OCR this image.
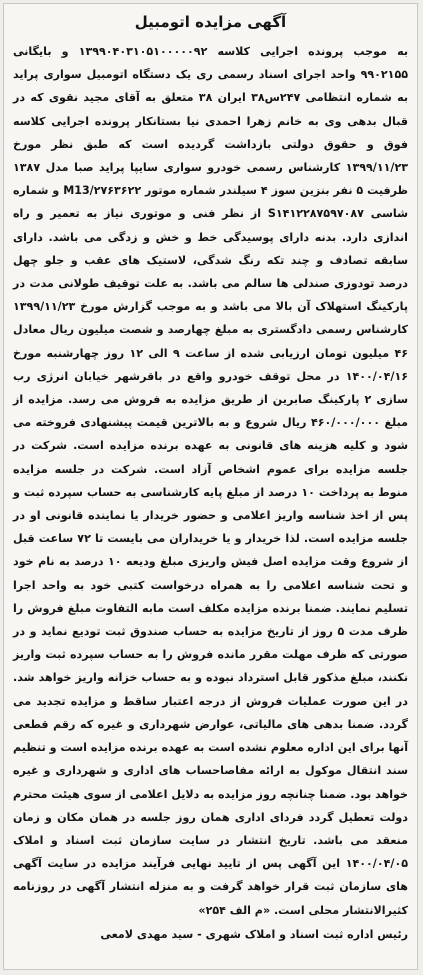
آگهی مزایده اتومبیل

به موجب پرونده اجرایی کلاسه ۱۳۹۹۰۴۰۳۱۰۵۱۰۰۰۰۰۹۲ و بایگانی ۹۹۰۲۱۵۵ واحد اجرای اسناد رسمی ری یک دستگاه اتومبیل سواری پراید به شماره انتظامی ۲۴۷س۳۸ ایران ۳۸ متعلق به آقای مجید نقوی که در قبال بدهی وی به خانم زهرا احمدی نیا بستانکار پرونده اجرایی کلاسه فوق و حقوق دولتی بازداشت گردیده است که طبق نظر مورخ ۱۳۹۹/۱۱/۲۳ کارشناس رسمی خودرو سواری سایپا پراید صبا مدل ۱۳۸۷ ظرفیت ۵ نفر بنزین سوز ۴ سیلندر شماره موتور M13/۲۷۶۳۶۲۲ و شماره شاسی S۱۴۱۲۲۸۷۵۹۷۰۸۷ از نظر فنی و موتوری نیاز به تعمیر و راه اندازی دارد. بدنه دارای پوسیدگی خط و خش و زدگی می باشد. دارای سابقه تصادف و چند تکه رنگ شدگی، لاستیک های عقب و جلو چهل درصد تودوزی صندلی ها سالم می باشد. به علت توقیف طولانی مدت در پارکینگ استهلاک آن بالا می باشد و به موجب گزارش مورخ ۱۳۹۹/۱۱/۲۳ کارشناس رسمی دادگستری به مبلغ چهارصد و شصت میلیون ریال معادل ۴۶ میلیون تومان ارزیابی شده از ساعت ۹ الی ۱۲ روز چهارشنبه مورخ ۱۴۰۰/۰۴/۱۶ در محل توقف خودرو واقع در باقرشهر خیابان انرژی رب سازی ۲ پارکینگ صابرین از طریق مزایده به فروش می رسد. مزایده از مبلغ ۴۶۰/۰۰۰/۰۰۰ ریال شروع و به بالاترین قیمت پیشنهادی فروخته می شود و کلیه هزینه های قانونی به عهده برنده مزایده است. شرکت در جلسه مزایده برای عموم اشخاص آزاد است. شرکت در جلسه مزایده منوط به پرداخت ۱۰ درصد از مبلغ پایه کارشناسی به حساب سپرده ثبت و پس از اخذ شناسه واریز اعلامی و حضور خریدار یا نماینده قانونی او در جلسه مزایده است. لذا خریدار و یا خریداران می بایست تا ۷۲ ساعت قبل از شروع وقت مزایده اصل فیش واریزی مبلغ ودیعه ۱۰ درصد به نام خود و تحت شناسه اعلامی را به همراه درخواست کتبی خود به واحد اجرا تسلیم نمایند. ضمنا برنده مزایده مکلف است مابه التفاوت مبلغ فروش را ظرف مدت ۵ روز از تاریخ مزایده به حساب صندوق ثبت تودیع نماید و در صورتی که ظرف مهلت مقرر مانده فروش را به حساب سپرده ثبت واریز نکنند، مبلغ مذکور قابل استرداد نبوده و به حساب خزانه واریز خواهد شد. در این صورت عملیات فروش از درجه اعتبار ساقط و مزایده تجدید می گردد. ضمنا بدهی های مالیاتی، عوارض شهرداری و غیره که رقم قطعی آنها برای این اداره معلوم نشده است به عهده برنده مزایده است و تنظیم سند انتقال موکول به ارائه مفاصاحساب های اداری و شهرداری و غیره خواهد بود. ضمنا چنانچه روز مزایده به دلایل اعلامی از سوی هیئت محترم دولت تعطیل گردد فردای اداری همان روز جلسه در همان مکان و زمان منعقد می باشد. تاریخ انتشار در سایت سازمان ثبت اسناد و املاک ۱۴۰۰/۰۴/۰۵ این آگهی پس از تایید نهایی فرآیند مزایده در سایت آگهی های سازمان ثبت قرار خواهد گرفت و به منزله انتشار آگهی در روزنامه کثیرالانتشار محلی است. «م الف ۲۵۴»

رئیس اداره ثبت اسناد و املاک شهری - سید مهدی لامعی
